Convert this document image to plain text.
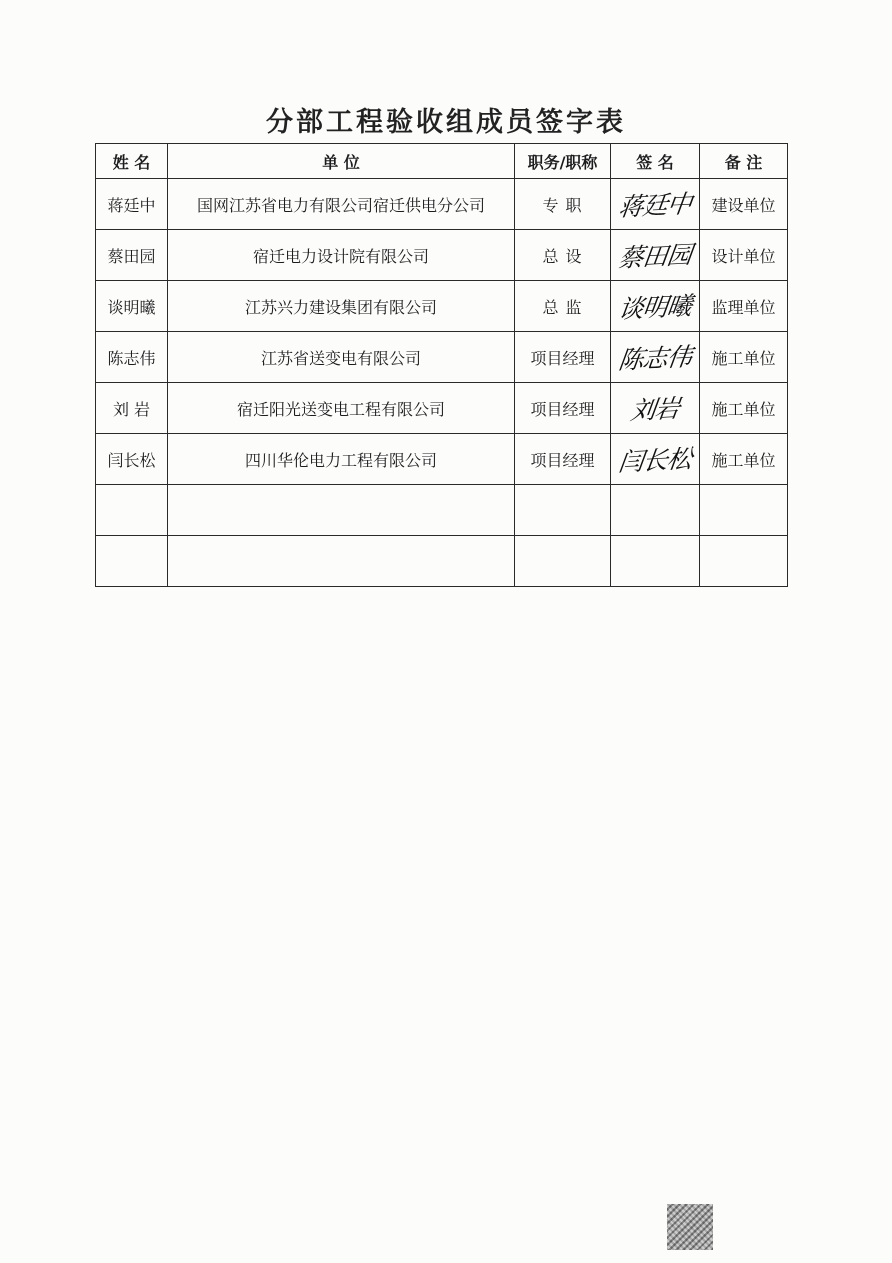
分部工程验收组成员签字表
姓 名	单 位	职务/职称	签 名	备 注
蒋廷中	国网江苏省电力有限公司宿迁供电分公司	专 职	蒋廷中	建设单位
蔡田园	宿迁电力设计院有限公司	总 设	蔡田园	设计单位
谈明曦	江苏兴力建设集团有限公司	总 监	谈明曦	监理单位
陈志伟	江苏省送变电有限公司	项目经理	陈志伟	施工单位
刘 岩	宿迁阳光送变电工程有限公司	项目经理	刘岩	施工单位
闫长松	四川华伦电力工程有限公司	项目经理	闫长松	施工单位
